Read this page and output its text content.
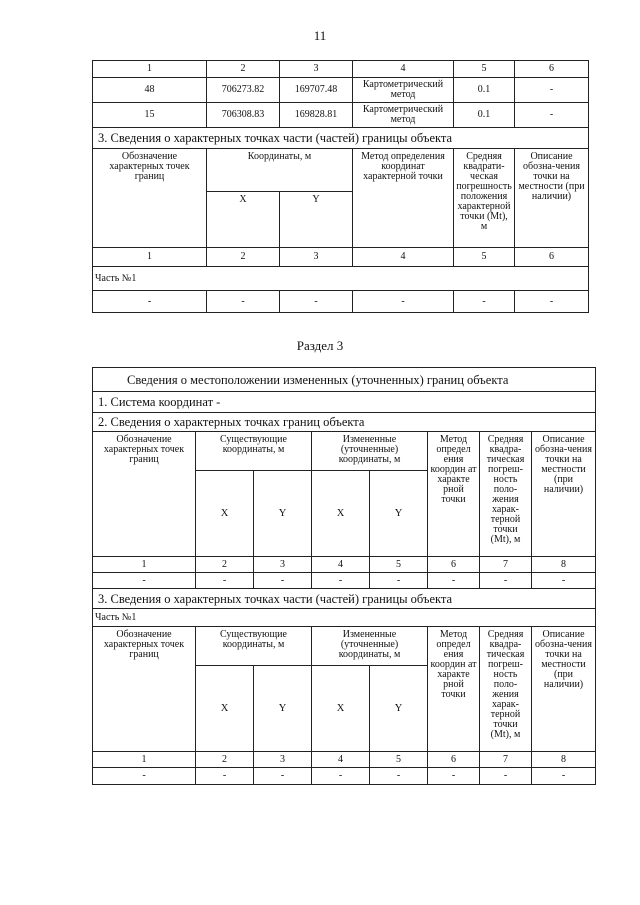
11
1	2	3	4	5	6
48	706273.82	169707.48	Картометрический метод	0.1	-
15	706308.83	169828.81	Картометрический метод	0.1	-
3. Сведения о характерных точках части (частей) границы объекта					
Обозначение характерных точек границ	Координаты, м		Метод определения координат характерной точки	Средняя квадрати-ческая погрешность положения характерной точки (Mt), м	Описание обозна-чения точки на местности (при наличии)
	X	Y			
1	2	3	4	5	6
Часть №1					
-	-	-	-	-	-
Раздел 3
Сведения о местоположении измененных (уточненных) границ объекта							
1. Система координат -							
2. Сведения о характерных точках границ объекта							
Обозначение характерных точек границ	Существующие координаты, м		Измененные (уточненные) координаты, м		Метод определ ения координ ат характе рной точки	Средняя квадра-тическая погреш-ность поло-жения харак-терной точки (Mt), м	Описание обозна-чения точки на местности (при наличии)
	X	Y	X	Y			
1	2	3	4	5	6	7	8
-	-	-	-	-	-	-	-
3. Сведения о характерных точках части (частей) границы объекта							
Часть №1							
Обозначение характерных точек границ	Существующие координаты, м		Измененные (уточненные) координаты, м		Метод определ ения координ ат характе рной точки	Средняя квадра-тическая погреш-ность поло-жения харак-терной точки (Mt), м	Описание обозна-чения точки на местности (при наличии)
	X	Y	X	Y			
1	2	3	4	5	6	7	8
-	-	-	-	-	-	-	-
